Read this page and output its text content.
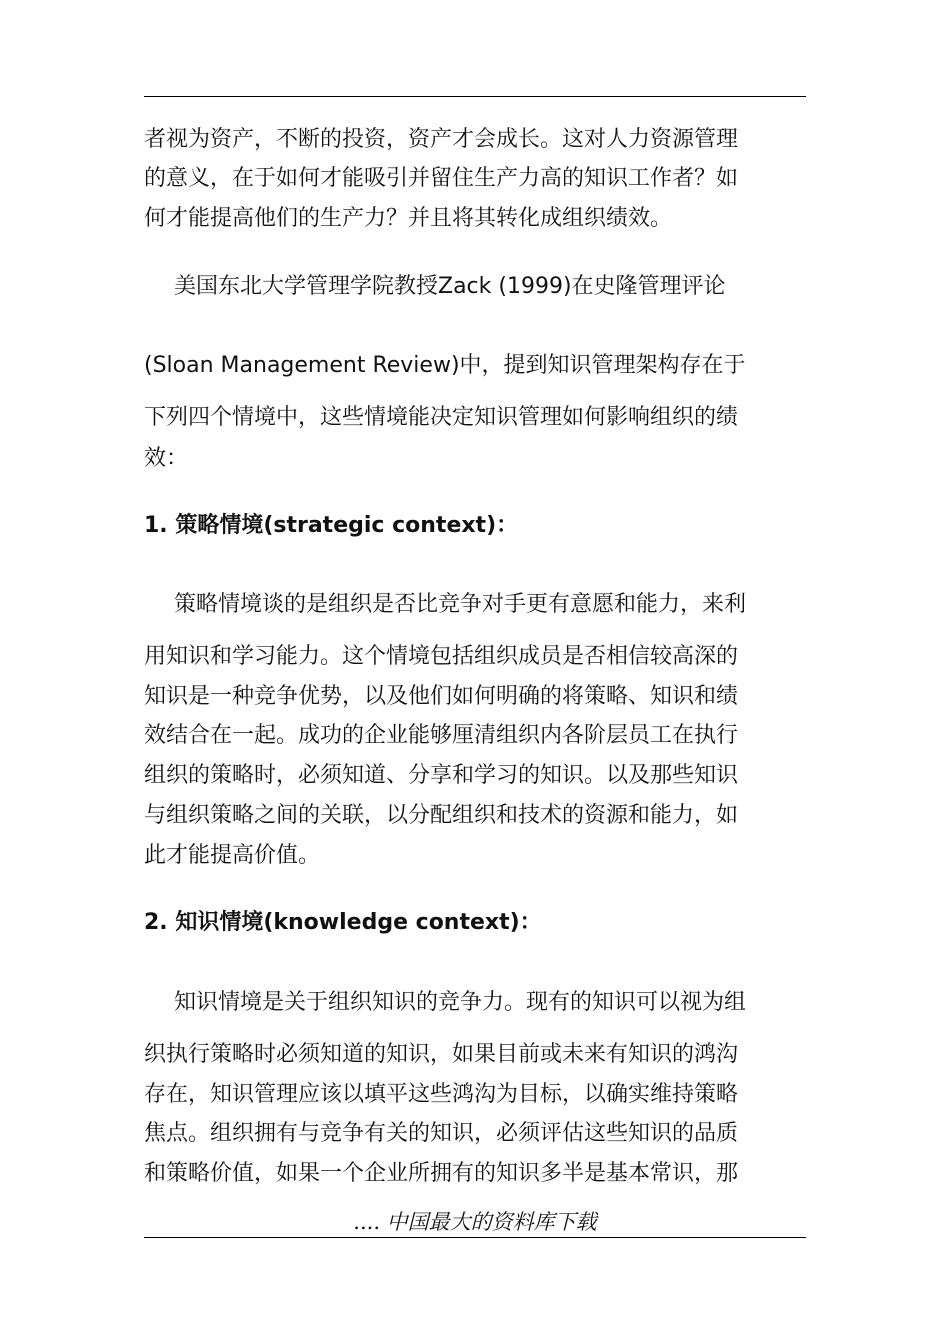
者视为资产，不断的投资，资产才会成长。这对人力资源管理
的意义，在于如何才能吸引并留住生产力高的知识工作者？如
何才能提高他们的生产力？并且将其转化成组织绩效。
美国东北大学管理学院教授Zack (1999)在史隆管理评论
(Sloan Management Review)中，提到知识管理架构存在于
下列四个情境中，这些情境能决定知识管理如何影响组织的绩
效：
1. 策略情境(strategic context)：
策略情境谈的是组织是否比竞争对手更有意愿和能力，来利
用知识和学习能力。这个情境包括组织成员是否相信较高深的
知识是一种竞争优势，以及他们如何明确的将策略、知识和绩
效结合在一起。成功的企业能够厘清组织内各阶层员工在执行
组织的策略时，必须知道、分享和学习的知识。以及那些知识
与组织策略之间的关联，以分配组织和技术的资源和能力，如
此才能提高价值。
2. 知识情境(knowledge context)：
知识情境是关于组织知识的竞争力。现有的知识可以视为组
织执行策略时必须知道的知识，如果目前或未来有知识的鸿沟
存在，知识管理应该以填平这些鸿沟为目标，以确实维持策略
焦点。组织拥有与竞争有关的知识，必须评估这些知识的品质
和策略价值，如果一个企业所拥有的知识多半是基本常识，那
.... 中国最大的资料库下载
